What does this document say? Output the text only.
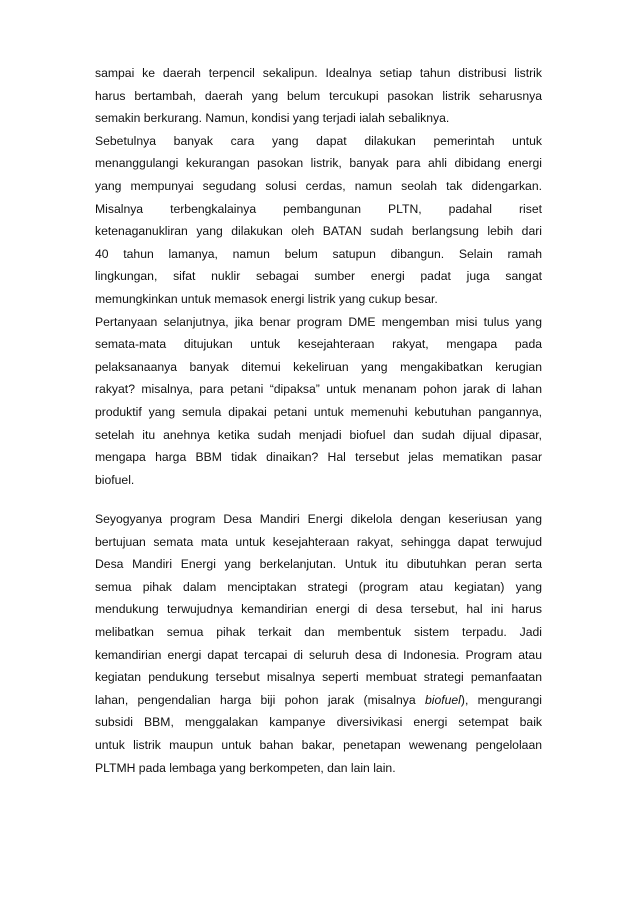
sampai ke daerah terpencil sekalipun. Idealnya setiap tahun distribusi listrik
harus bertambah, daerah yang belum tercukupi pasokan listrik seharusnya
semakin berkurang. Namun, kondisi yang terjadi ialah sebaliknya.
Sebetulnya banyak cara yang dapat dilakukan pemerintah untuk
menanggulangi kekurangan pasokan listrik, banyak para ahli dibidang energi
yang mempunyai segudang solusi cerdas, namun seolah tak didengarkan.
Misalnya terbengkalainya pembangunan PLTN, padahal riset
ketenaganukliran yang dilakukan oleh BATAN sudah berlangsung lebih dari
40 tahun lamanya, namun belum satupun dibangun. Selain ramah
lingkungan, sifat nuklir sebagai sumber energi padat juga sangat
memungkinkan untuk memasok energi listrik yang cukup besar.
Pertanyaan selanjutnya, jika benar program DME mengemban misi tulus yang
semata-mata ditujukan untuk kesejahteraan rakyat, mengapa pada
pelaksanaanya banyak ditemui kekeliruan yang mengakibatkan kerugian
rakyat? misalnya, para petani “dipaksa” untuk menanam pohon jarak di lahan
produktif yang semula dipakai petani untuk memenuhi kebutuhan pangannya,
setelah itu anehnya ketika sudah menjadi biofuel dan sudah dijual dipasar,
mengapa harga BBM tidak dinaikan? Hal tersebut jelas mematikan pasar
biofuel.
Seyogyanya program Desa Mandiri Energi dikelola dengan keseriusan yang
bertujuan semata mata untuk kesejahteraan rakyat, sehingga dapat terwujud
Desa Mandiri Energi yang berkelanjutan. Untuk itu dibutuhkan peran serta
semua pihak dalam menciptakan strategi (program atau kegiatan) yang
mendukung terwujudnya kemandirian energi di desa tersebut, hal ini harus
melibatkan semua pihak terkait dan membentuk sistem terpadu. Jadi
kemandirian energi dapat tercapai di seluruh desa di Indonesia. Program atau
kegiatan pendukung tersebut misalnya seperti membuat strategi pemanfaatan
lahan, pengendalian harga biji pohon jarak (misalnya biofuel), mengurangi
subsidi BBM, menggalakan kampanye diversivikasi energi setempat baik
untuk listrik maupun untuk bahan bakar, penetapan wewenang pengelolaan
PLTMH pada lembaga yang berkompeten, dan lain lain.
